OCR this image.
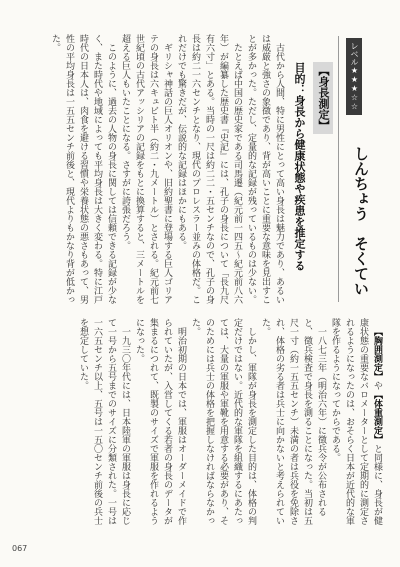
レベル★★★☆☆
しんちょう　そくてい
【身長測定】
目的：身長から健康状態や疾患を推定する

古代から人間、特に男性にとって高い身長は魅力であり、あるいは威厳と強さの象徴であり、背が高いことに重要な意味を見出すことが多かった。ただし、定量的な記録が残っているものは少ない。

たとえば中国の歴史家である司馬遷（紀元前一四五〜紀元前八六年）が編纂した歴史書『史記』には、孔子の身長について「長九尺有六寸」とある。当時の一尺は約二二・五センチなので、孔子の身長は約二一六センチとなり、現代のプロレスラー並みの体格だ。これだけでも驚きだが、伝説的な記録はほかにもある。

ギリシャ神話の巨人オリオンや、旧約聖書に登場する巨人ゴリアテの身長は六キュビト半（約二・九メートル）とされる。紀元前七世紀頃の古代アッシリアの記録をもとに換算すると、三メートルを超える巨人もいたことになる。さすがに誇張だろう。

このように、過去の人物の身長に関しては信頼できる記録が少なく、また時代や地域によっても平均身長は大きく変わる。特に江戸時代の日本人は、肉食を避ける習慣や栄養状態の悪さもあって、男性の平均身長は一五五センチ前後と、現代よりもかなり背が低かった。

【胸囲測定】や【体重測定】と同様に、身長が健康状態の重要なバロメーターとして定期的に測定されるようになったのは、おそらく日本が近代的な軍隊を作るようになってからである。

一八七三年（明治六年）に徴兵令が公布されると、徴兵検査で身長を測ることになった。当初は五尺一寸（約一五五センチ）未満の者は兵役を免除され、体格の劣る者は兵士に向かないと考えられていた。

しかし、軍隊が身長を測定した目的は、体格の判定だけではない。近代的な軍隊を組織するにあたっては、大量の軍服や軍靴を用意する必要があり、そのためには兵士の体格を把握しなければならなかった。

明治初期の日本では、軍服はオーダーメイドで作られていたが、入営してくる若者の身長のデータが集まるにつれて、既製のサイズで軍服を作れるようになった。

一九三〇年代には、日本陸軍の軍服は身長に応じて一号から五号までのサイズに分類された。一号は一六五センチ以上、五号は一五〇センチ前後の兵士を想定していた。

067
